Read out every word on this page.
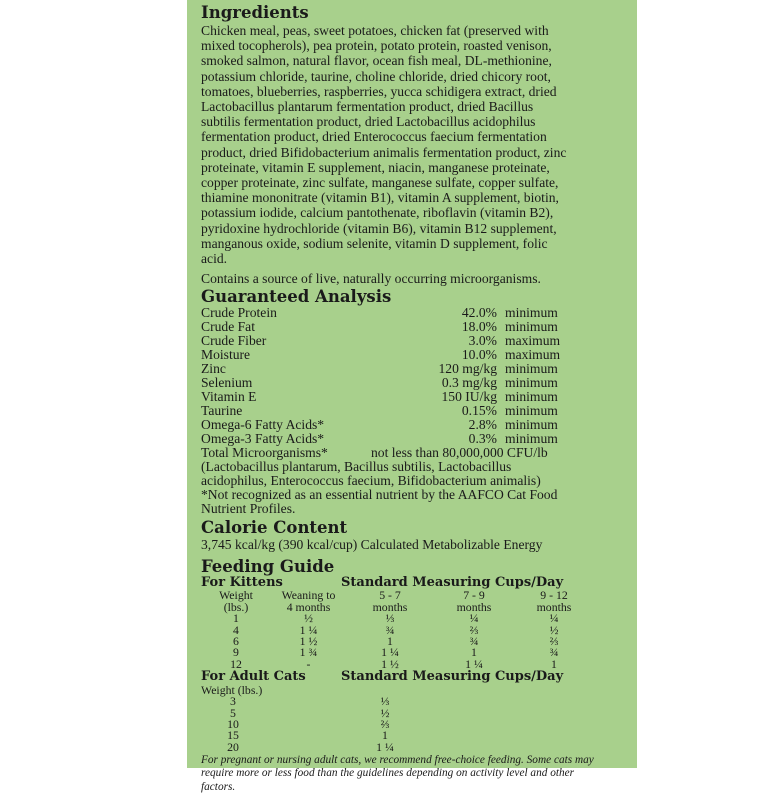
Ingredients

Chicken meal, peas, sweet potatoes, chicken fat (preserved with mixed tocopherols), pea protein, potato protein, roasted venison, smoked salmon, natural flavor, ocean fish meal, DL-methionine, potassium chloride, taurine, choline chloride, dried chicory root, tomatoes, blueberries, raspberries, yucca schidigera extract, dried Lactobacillus plantarum fermentation product, dried Bacillus subtilis fermentation product, dried Lactobacillus acidophilus fermentation product, dried Enterococcus faecium fermentation product, dried Bifidobacterium animalis fermentation product, zinc proteinate, vitamin E supplement, niacin, manganese proteinate, copper proteinate, zinc sulfate, manganese sulfate, copper sulfate, thiamine mononitrate (vitamin B1), vitamin A supplement, biotin, potassium iodide, calcium pantothenate, riboflavin (vitamin B2), pyridoxine hydrochloride (vitamin B6), vitamin B12 supplement, manganous oxide, sodium selenite, vitamin D supplement, folic acid.

Contains a source of live, naturally occurring microorganisms.

Guaranteed Analysis
Crude Protein	42.0%	minimum
Crude Fat	18.0%	minimum
Crude Fiber	3.0%	maximum
Moisture	10.0%	maximum
Zinc	120 mg/kg	minimum
Selenium	0.3 mg/kg	minimum
Vitamin E	150 IU/kg	minimum
Taurine	0.15%	minimum
Omega-6 Fatty Acids*	2.8%	minimum
Omega-3 Fatty Acids*	0.3%	minimum
Total Microorganisms*	not less than 80,000,000 CFU/lb	

(Lactobacillus plantarum, Bacillus subtilis, Lactobacillus acidophilus, Enterococcus faecium, Bifidobacterium animalis)

*Not recognized as an essential nutrient by the AAFCO Cat Food Nutrient Profiles.

Calorie Content

3,745 kcal/kg (390 kcal/cup) Calculated Metabolizable Energy

Feeding Guide
For Kittens	Standard Measuring Cups/Day
Weight	Weaning to	5 - 7	7 - 9	9 - 12
(lbs.)	4 months	months	months	months
1	½	⅓	¼	¼
4	1 ¼	¾	⅔	½
6	1 ½	1	¾	⅔
9	1 ¾	1 ¼	1	¾
12	-	1 ½	1 ¼	1
For Adult Cats	Standard Measuring Cups/Day
Weight (lbs.)
3	⅓
5	½
10	⅔
15	1
20	1 ¼

For pregnant or nursing adult cats, we recommend free-choice feeding. Some cats may require more or less food than the guidelines depending on activity level and other factors.
